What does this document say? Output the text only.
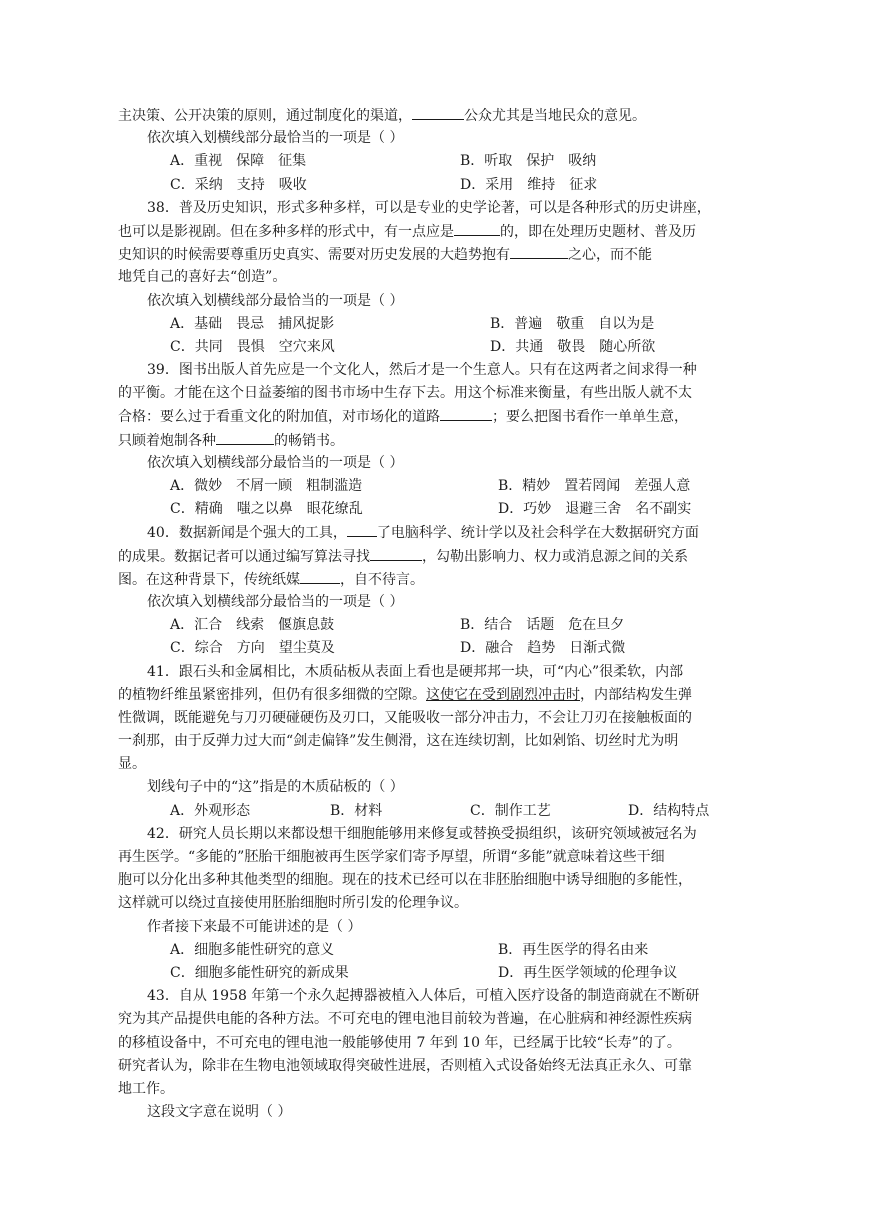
主决策、公开决策的原则，通过制度化的渠道，	公众尤其是当地民众的意见。
依次填入划横线部分最恰当的一项是（ ）
A．重视　保障　征集	B．听取　保护　吸纳
C．采纳　支持　吸收	D．采用　维持　征求
38．普及历史知识，形式多种多样，可以是专业的史学论著，可以是各种形式的历史讲座，
也可以是影视剧。但在多种多样的形式中，有一点应是	的，即在处理历史题材、普及历
史知识的时候需要尊重历史真实、需要对历史发展的大趋势抱有	之心，而不能
地凭自己的喜好去“创造”。
依次填入划横线部分最恰当的一项是（ ）
A．基础　畏忌　捕风捉影	B．普遍　敬重　自以为是
C．共同　畏惧　空穴来风	D．共通　敬畏　随心所欲
39．图书出版人首先应是一个文化人，然后才是一个生意人。只有在这两者之间求得一种
的平衡。才能在这个日益萎缩的图书市场中生存下去。用这个标准来衡量，有些出版人就不太
合格：要么过于看重文化的附加值，对市场化的道路	；要么把图书看作一单单生意，
只顾着炮制各种	的畅销书。
依次填入划横线部分最恰当的一项是（ ）
A．微妙　不屑一顾　粗制滥造	B．精妙　置若罔闻　差强人意
C．精确　嗤之以鼻　眼花缭乱	D．巧妙　退避三舍　名不副实
40．数据新闻是个强大的工具， 了电脑科学、统计学以及社会科学在大数据研究方面
的成果。数据记者可以通过编写算法寻找	，勾勒出影响力、权力或消息源之间的关系
图。在这种背景下，传统纸媒	，自不待言。
依次填入划横线部分最恰当的一项是（ ）
A．汇合　线索　偃旗息鼓	B．结合　话题　危在旦夕
C．综合　方向　望尘莫及	D．融合　趋势　日渐式微
41．跟石头和金属相比，木质砧板从表面上看也是硬邦邦一块，可“内心”很柔软，内部
的植物纤维虽紧密排列，但仍有很多细微的空隙。这使它在受到剧烈冲击时，内部结构发生弹
性微调，既能避免与刀刃硬碰硬伤及刃口，又能吸收一部分冲击力，不会让刀刃在接触板面的
一刹那，由于反弹力过大而“剑走偏锋”发生侧滑，这在连续切割，比如剁馅、切丝时尤为明
显。
划线句子中的“这”指是的木质砧板的（ ）
A．外观形态	B．材料	C．制作工艺	D．结构特点
42．研究人员长期以来都设想干细胞能够用来修复或替换受损组织，该研究领域被冠名为
再生医学。“多能的”胚胎干细胞被再生医学家们寄予厚望，所谓“多能”就意味着这些干细
胞可以分化出多种其他类型的细胞。现在的技术已经可以在非胚胎细胞中诱导细胞的多能性，
这样就可以绕过直接使用胚胎细胞时所引发的伦理争议。
作者接下来最不可能讲述的是（ ）
A．细胞多能性研究的意义	B．再生医学的得名由来
C．细胞多能性研究的新成果	D．再生医学领域的伦理争议
43．自从 1958 年第一个永久起搏器被植入人体后，可植入医疗设备的制造商就在不断研
究为其产品提供电能的各种方法。不可充电的锂电池目前较为普遍，在心脏病和神经源性疾病
的移植设备中，不可充电的锂电池一般能够使用 7 年到 10 年，已经属于比较“长寿”的了。
研究者认为，除非在生物电池领域取得突破性进展，否则植入式设备始终无法真正永久、可靠
地工作。
这段文字意在说明（ ）
